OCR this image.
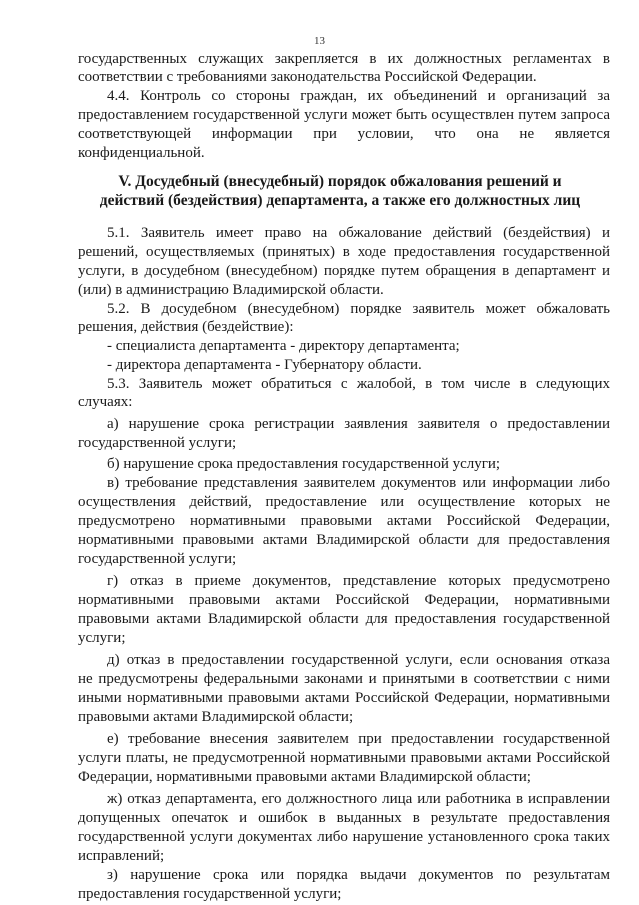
13
государственных служащих закрепляется в их должностных регламентах в
соответствии с требованиями законодательства Российской Федерации.
4.4. Контроль со стороны граждан, их объединений и организаций за
предоставлением государственной услуги может быть осуществлен путем запроса
соответствующей информации при условии, что она не является
конфиденциальной.
V. Досудебный (внесудебный) порядок обжалования решений и
действий (бездействия) департамента, а также его должностных лиц
5.1. Заявитель имеет право на обжалование действий (бездействия) и
решений, осуществляемых (принятых) в ходе предоставления государственной
услуги, в досудебном (внесудебном) порядке путем обращения в департамент и
(или) в администрацию Владимирской области.
5.2. В досудебном (внесудебном) порядке заявитель может обжаловать
решения, действия (бездействие):
- специалиста департамента - директору департамента;
- директора департамента - Губернатору области.
5.3. Заявитель может обратиться с жалобой, в том числе в следующих
случаях:
а) нарушение срока регистрации заявления заявителя о предоставлении
государственной услуги;
б) нарушение срока предоставления государственной услуги;
в) требование представления заявителем документов или информации либо
осуществления действий, предоставление или осуществление которых не
предусмотрено нормативными правовыми актами Российской Федерации,
нормативными правовыми актами Владимирской области для предоставления
государственной услуги;
г) отказ в приеме документов, представление которых предусмотрено
нормативными правовыми актами Российской Федерации, нормативными
правовыми актами Владимирской области для предоставления государственной
услуги;
д) отказ в предоставлении государственной услуги, если основания отказа
не предусмотрены федеральными законами и принятыми в соответствии с ними
иными нормативными правовыми актами Российской Федерации, нормативными
правовыми актами Владимирской области;
е) требование внесения заявителем при предоставлении государственной
услуги платы, не предусмотренной нормативными правовыми актами Российской
Федерации, нормативными правовыми актами Владимирской области;
ж) отказ департамента, его должностного лица или работника в исправлении
допущенных опечаток и ошибок в выданных в результате предоставления
государственной услуги документах либо нарушение установленного срока таких
исправлений;
з) нарушение срока или порядка выдачи документов по результатам
предоставления государственной услуги;
